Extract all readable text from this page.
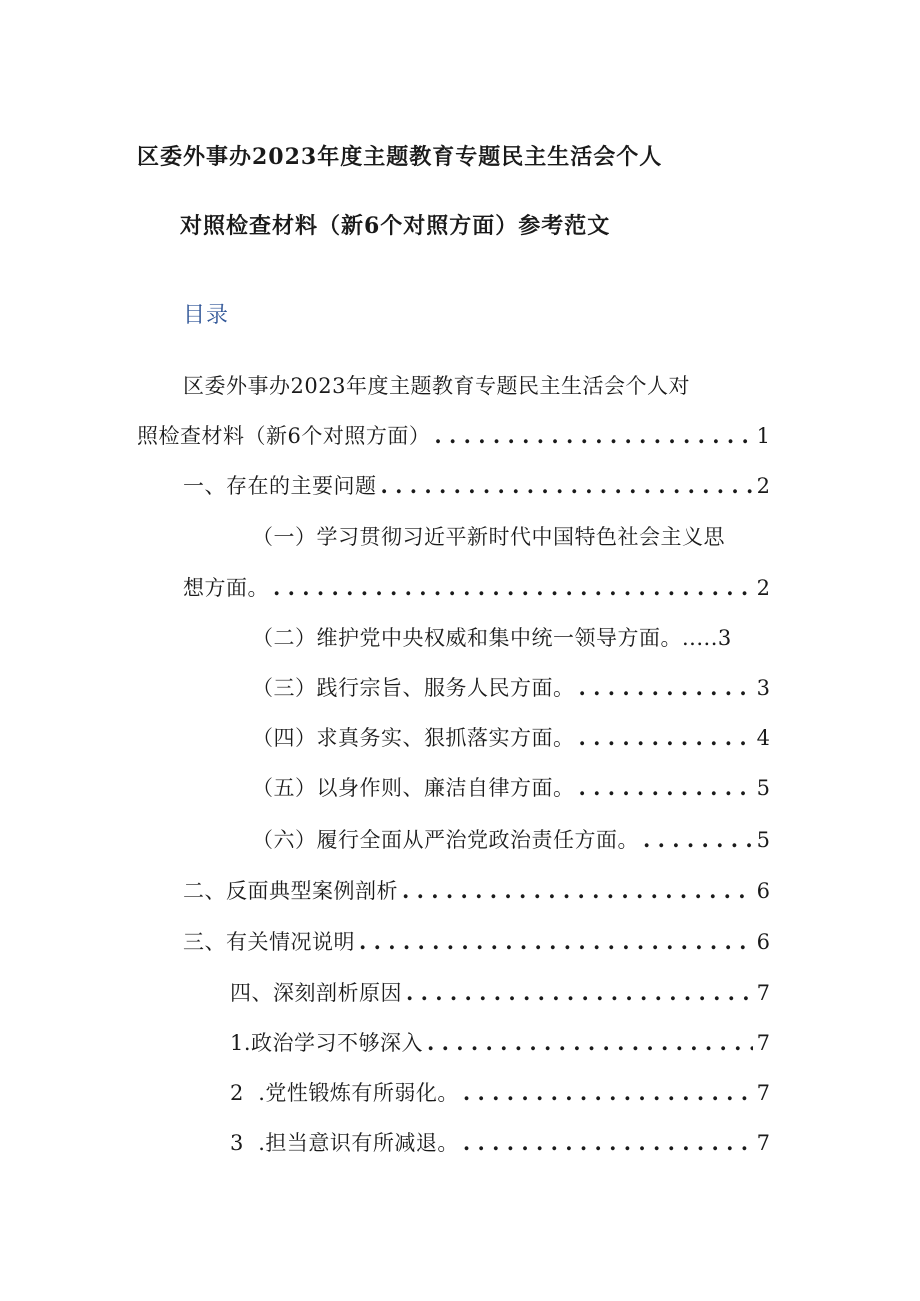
区委外事办2023年度主题教育专题民主生活会个人
对照检查材料（新6个对照方面）参考范文
目录
区委外事办2023年度主题教育专题民主生活会个人对
照检查材料（新6个对照方面） . . .	1
一、存在的主要问题 . . .	2
（一）学习贯彻习近平新时代中国特色社会主义思
想方面。 . . .	2
（二）维护党中央权威和集中统一领导方面。.....3
（三）践行宗旨、服务人民方面。 . . .	3
（四）求真务实、狠抓落实方面。 . . .	4
（五）以身作则、廉洁自律方面。 . . .	5
（六）履行全面从严治党政治责任方面。 . . .	5
二、反面典型案例剖析 . . .	6
三、有关情况说明 . . .	6
四、深刻剖析原因 . . .	7
1.政治学习不够深入 . . .	7
2  .党性锻炼有所弱化。 . . .	7
3  .担当意识有所减退。 . . .	7
